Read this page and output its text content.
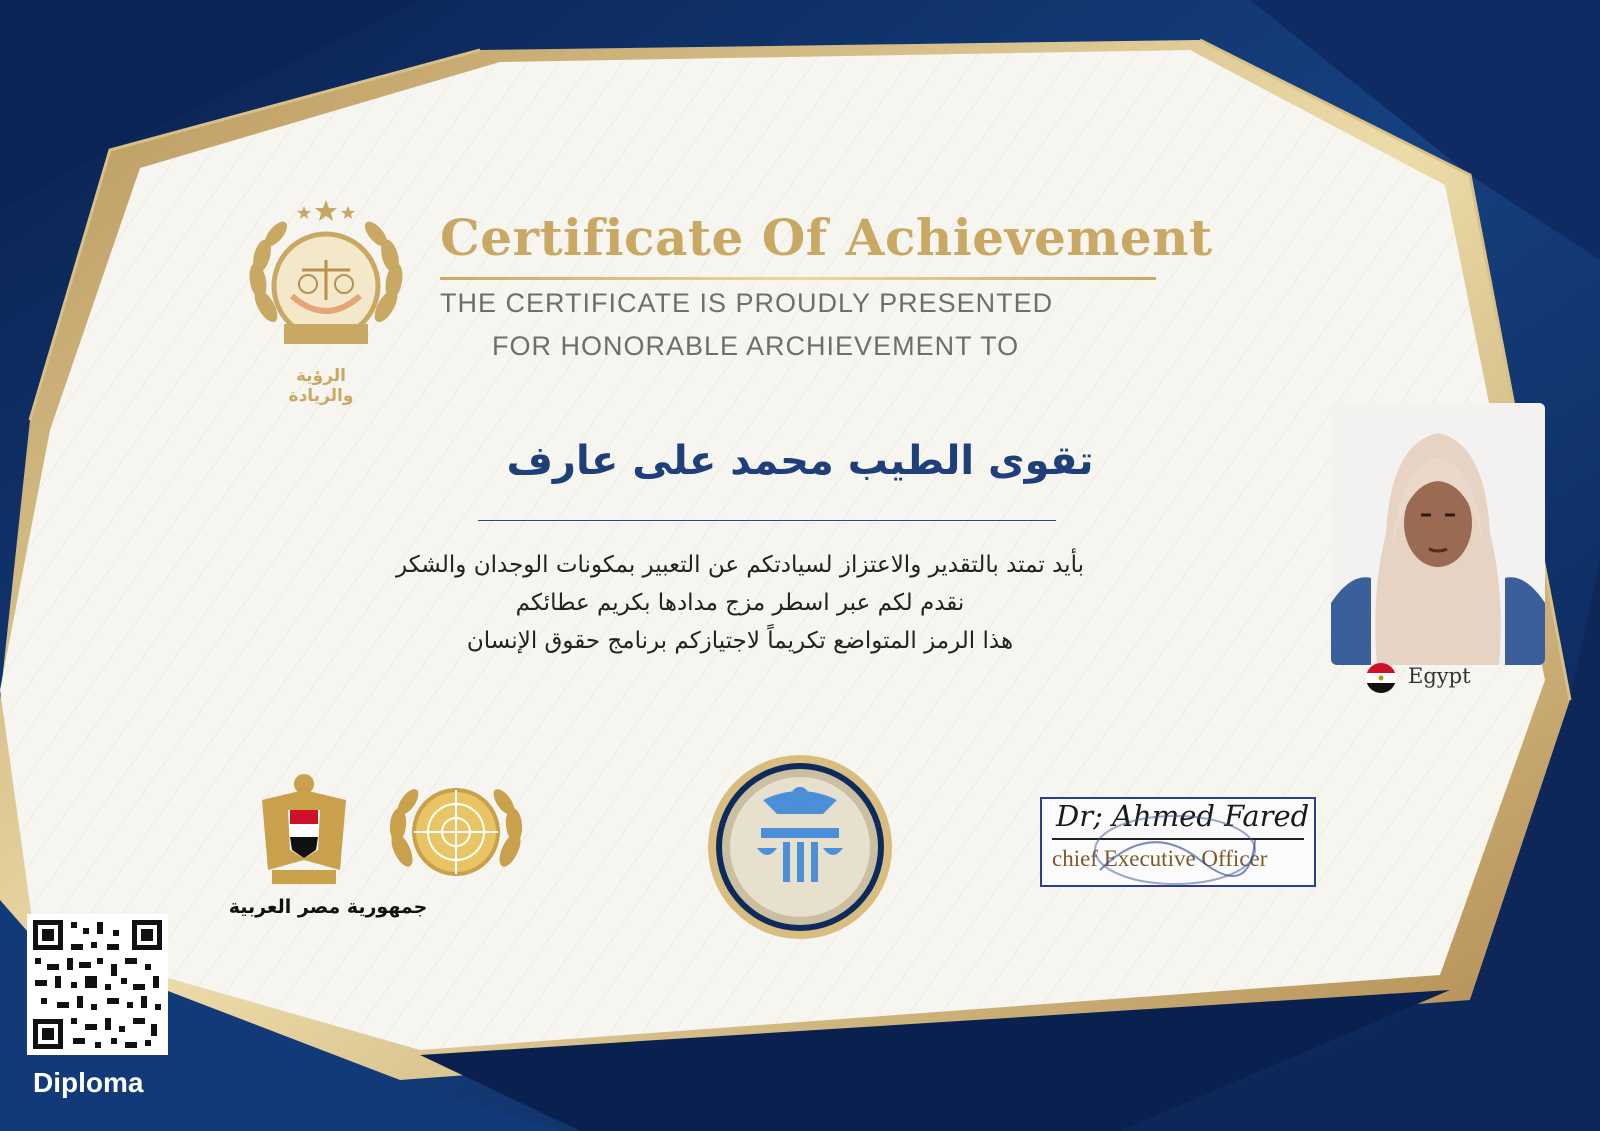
الرؤية والريادة
Certificate Of Achievement
THE CERTIFICATE IS PROUDLY PRESENTED
FOR HONORABLE ARCHIEVEMENT TO
تقوى الطيب محمد على عارف
بأيد تمتد بالتقدير والاعتزاز لسيادتكم عن التعبير بمكونات الوجدان والشكر
نقدم لكم عبر اسطر مزج مدادها بكريم عطائكم
هذا الرمز المتواضع تكريماً لاجتيازكم برنامج حقوق الإنسان
Egypt
جمهورية مصر العربية
Dr; Ahmed Fared
chief Executive Officer
Diploma
